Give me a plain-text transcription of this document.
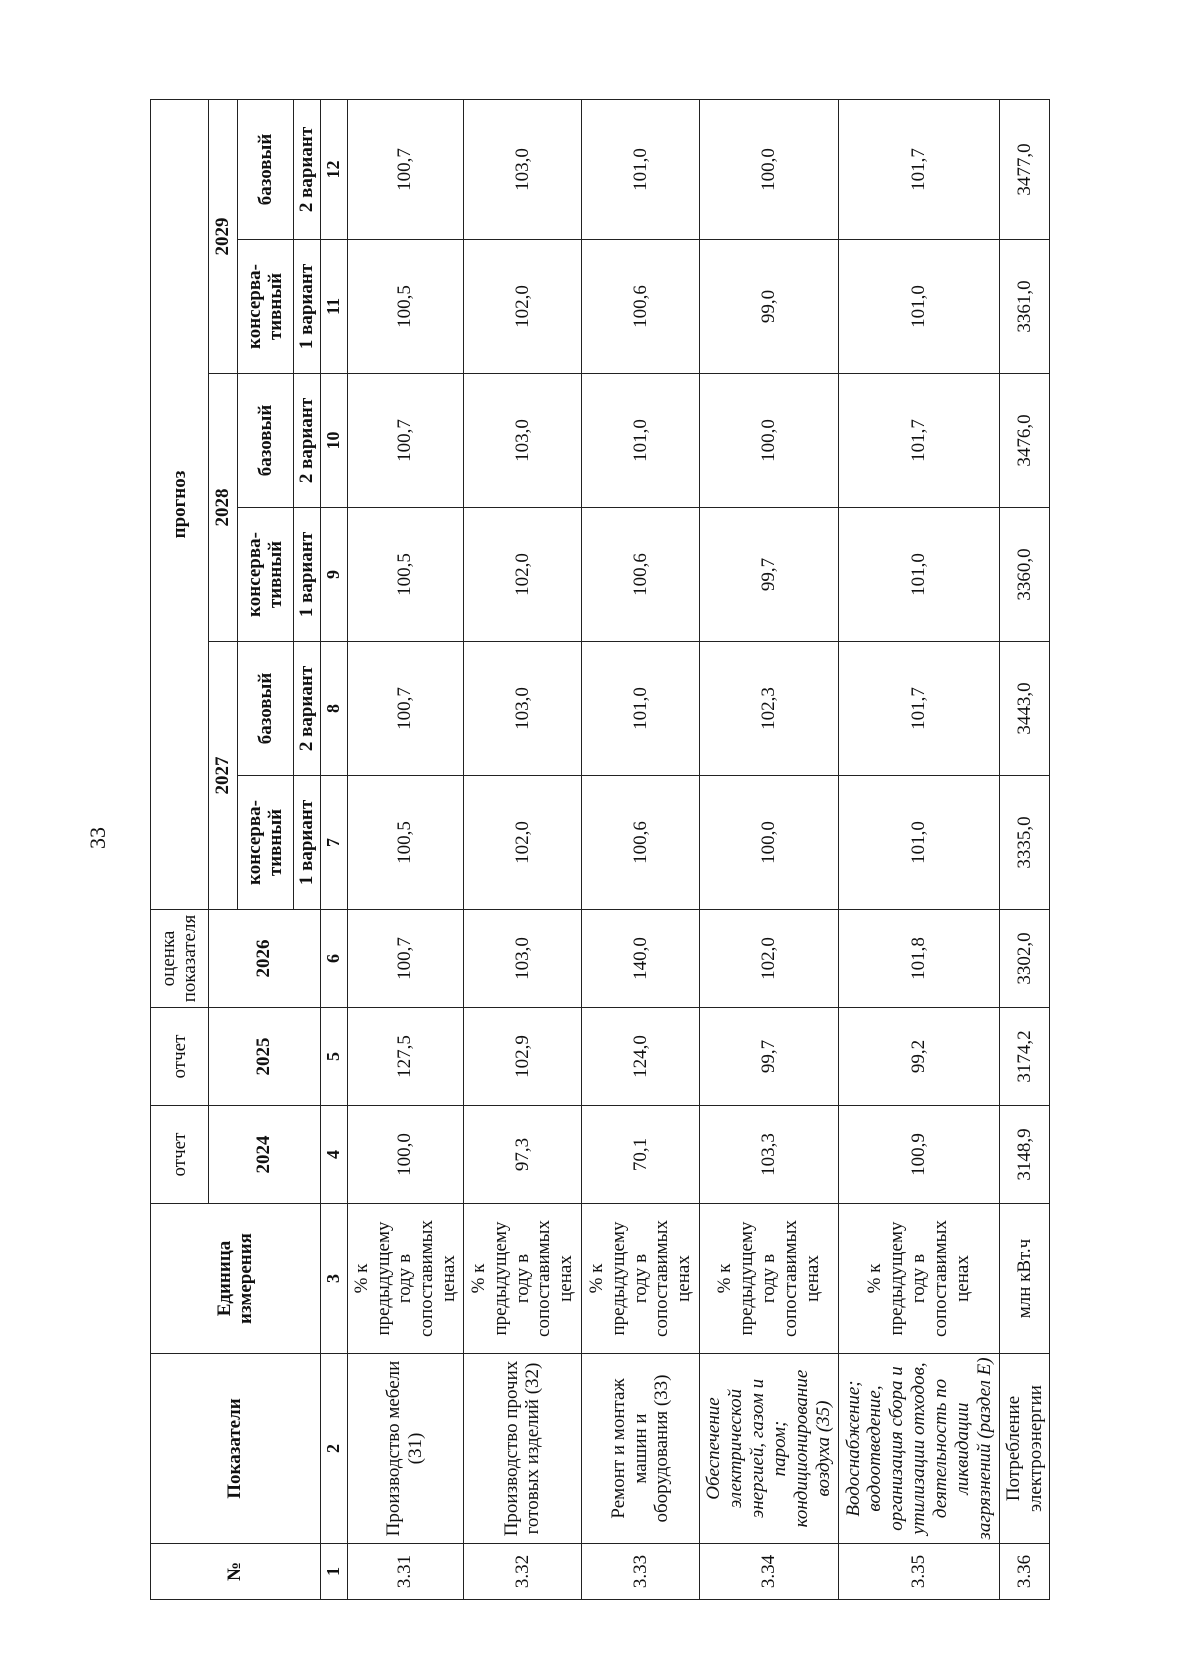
33
№	Показатели	Единица измерения	отчет	отчет	оценка показателя	прогноз					
			2024	2025	2026	2027		2028		2029	
						консерва-тивный	базовый	консерва-тивный	базовый	консерва-тивный	базовый
						1 вариант	2 вариант	1 вариант	2 вариант	1 вариант	2 вариант
1	2	3	4	5	6	7	8	9	10	11	12
3.31	Производство мебели (31)	% к предыдущему году в сопоставимых ценах	100,0	127,5	100,7	100,5	100,7	100,5	100,7	100,5	100,7
3.32	Производство прочих готовых изделий (32)	% к предыдущему году в сопоставимых ценах	97,3	102,9	103,0	102,0	103,0	102,0	103,0	102,0	103,0
3.33	Ремонт и монтаж машин и оборудования (33)	% к предыдущему году в сопоставимых ценах	70,1	124,0	140,0	100,6	101,0	100,6	101,0	100,6	101,0
3.34	Обеспечение электрической энергией, газом и паром; кондиционирование воздуха (35)	% к предыдущему году в сопоставимых ценах	103,3	99,7	102,0	100,0	102,3	99,7	100,0	99,0	100,0
3.35	Водоснабжение; водоотведение, организация сбора и утилизации отходов, деятельность по ликвидации загрязнений (раздел E)	% к предыдущему году в сопоставимых ценах	100,9	99,2	101,8	101,0	101,7	101,0	101,7	101,0	101,7
3.36	Потребление электроэнергии	млн кВт.ч	3148,9	3174,2	3302,0	3335,0	3443,0	3360,0	3476,0	3361,0	3477,0
